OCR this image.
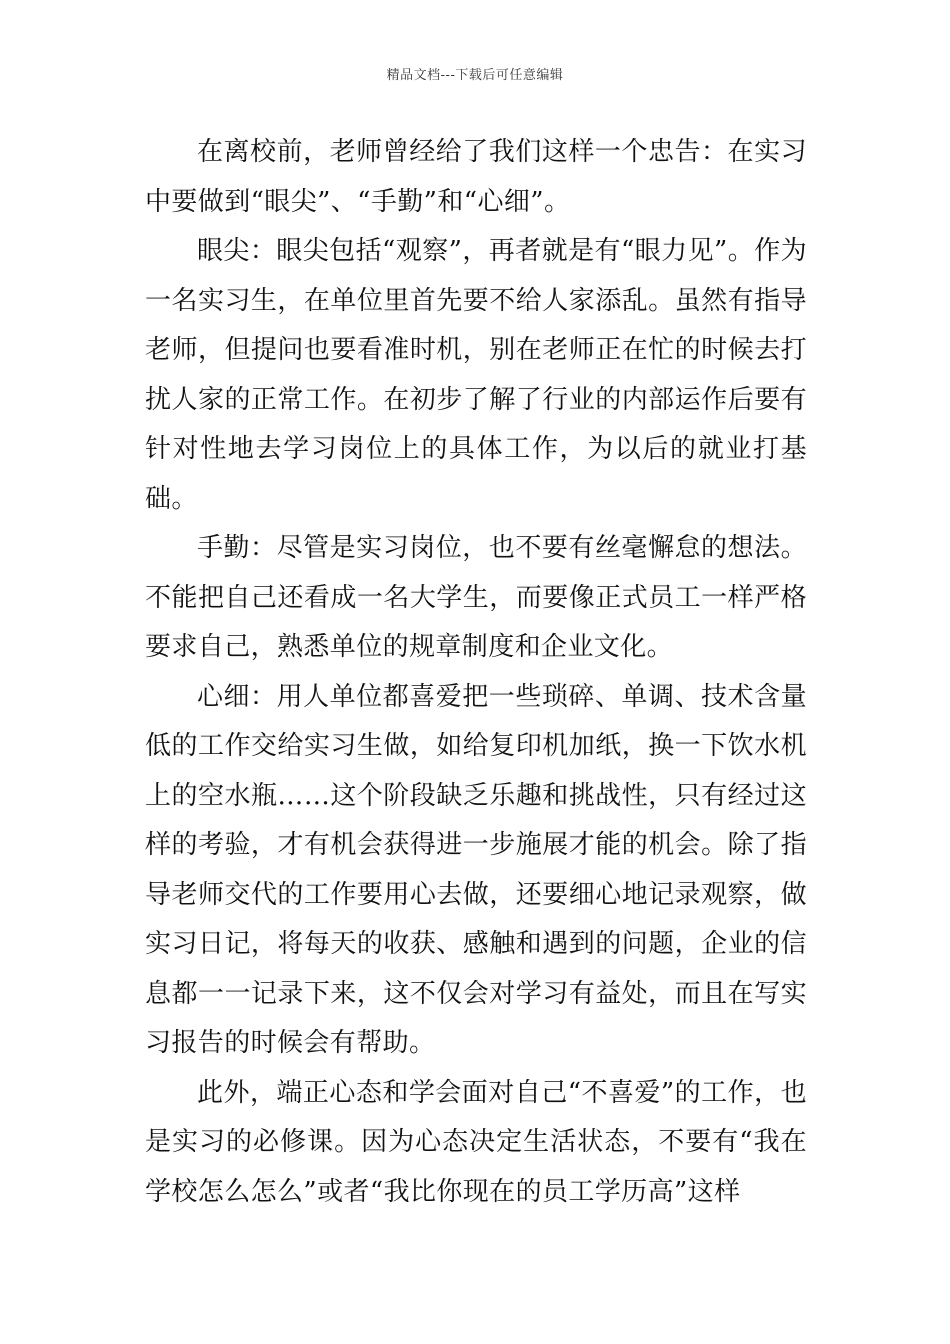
精品文档---下载后可任意编辑

在离校前，老师曾经给了我们这样一个忠告：在实习中要做到“眼尖”、“手勤”和“心细”。

眼尖：眼尖包括“观察”，再者就是有“眼力见”。作为一名实习生，在单位里首先要不给人家添乱。虽然有指导老师，但提问也要看准时机，别在老师正在忙的时候去打扰人家的正常工作。在初步了解了行业的内部运作后要有针对性地去学习岗位上的具体工作，为以后的就业打基础。

手勤：尽管是实习岗位，也不要有丝毫懈怠的想法。不能把自己还看成一名大学生，而要像正式员工一样严格要求自己，熟悉单位的规章制度和企业文化。

心细：用人单位都喜爱把一些琐碎、单调、技术含量低的工作交给实习生做，如给复印机加纸，换一下饮水机上的空水瓶……这个阶段缺乏乐趣和挑战性，只有经过这样的考验，才有机会获得进一步施展才能的机会。除了指导老师交代的工作要用心去做，还要细心地记录观察，做实习日记，将每天的收获、感触和遇到的问题，企业的信息都一一记录下来，这不仅会对学习有益处，而且在写实习报告的时候会有帮助。

此外，端正心态和学会面对自己“不喜爱”的工作，也是实习的必修课。因为心态决定生活状态，不要有“我在学校怎么怎么”或者“我比你现在的员工学历高”这样
